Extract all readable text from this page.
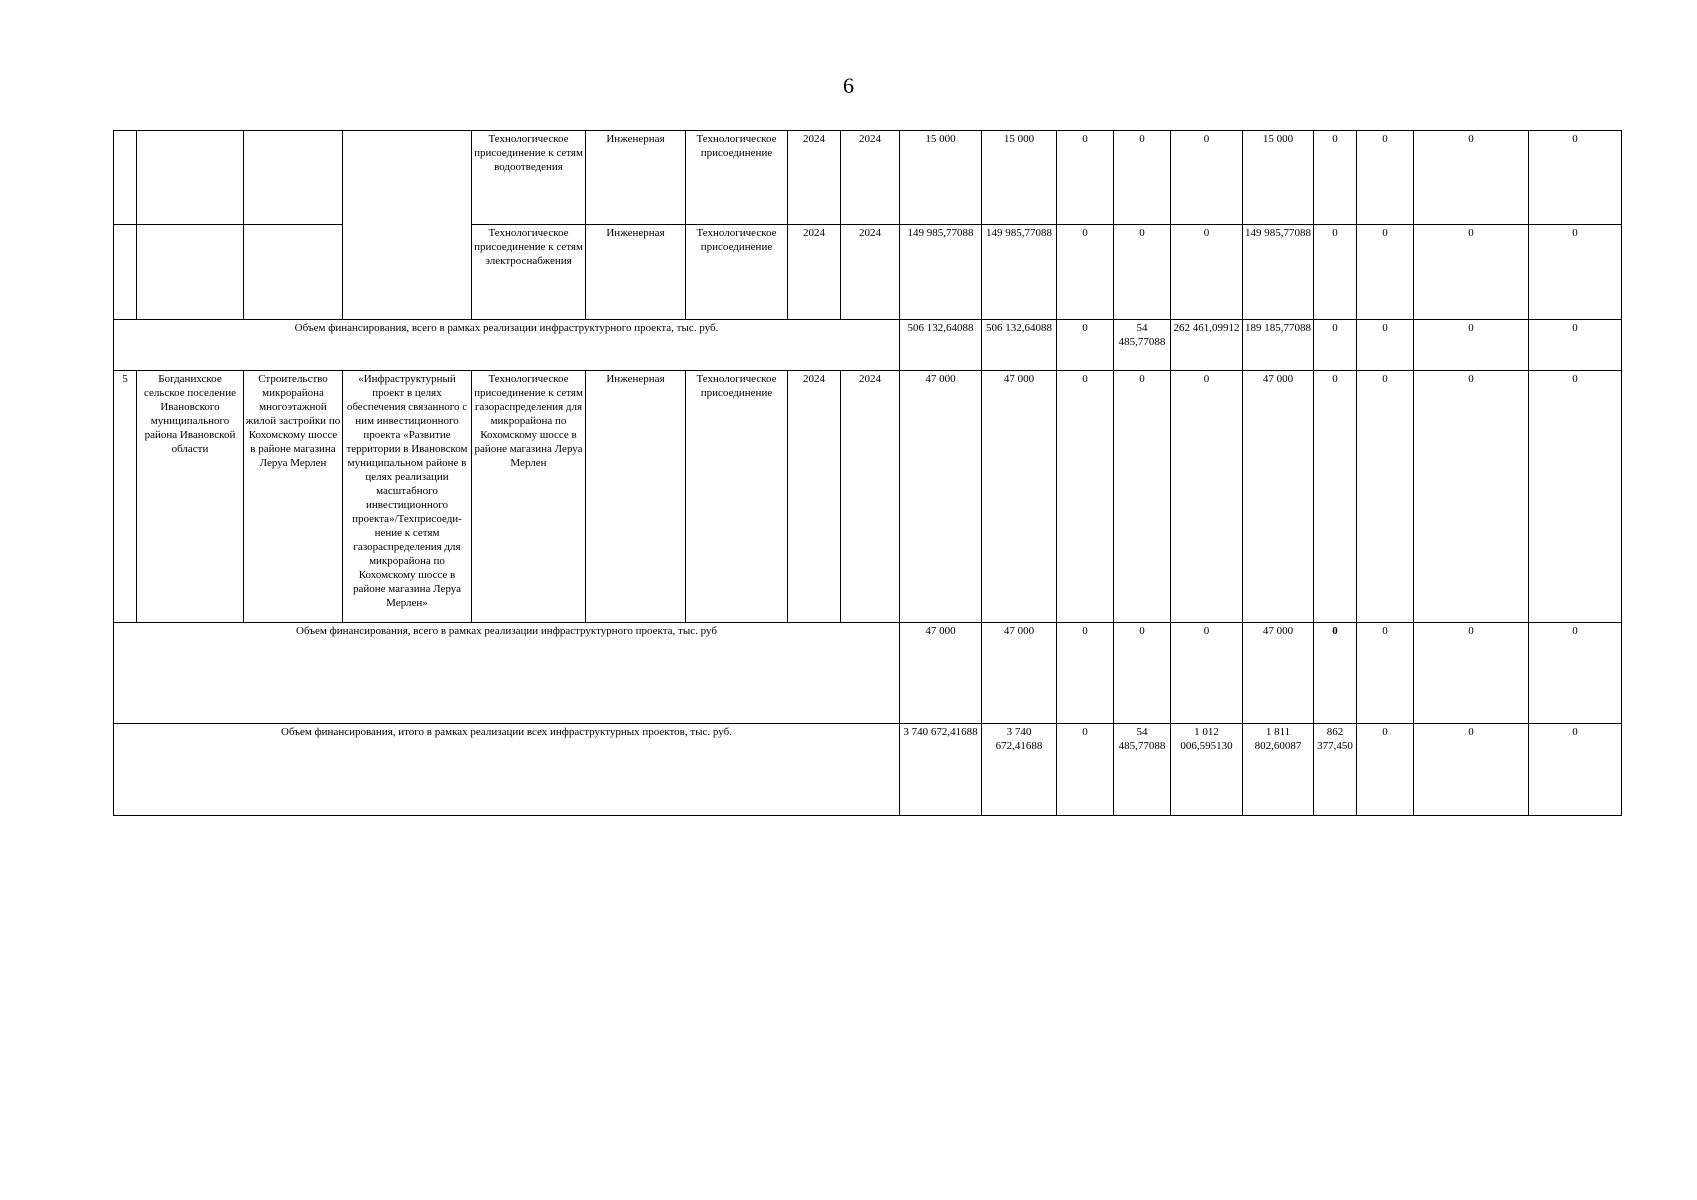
6
				Технологическое присоединение к сетям водоотведения	Инженерная	Технологическое присоединение	2024	2024	15 000	15 000	0	0	0	15 000	0	0	0	0
				Технологическое присоединение к сетям электроснабжения	Инженерная	Технологическое присоединение	2024	2024	149 985,77088	149 985,77088	0	0	0	149 985,77088	0	0	0	0
Объем финансирования, всего в рамках реализации инфраструктурного проекта, тыс. руб.									506 132,64088	506 132,64088	0	54 485,77088	262 461,09912	189 185,77088	0	0	0	0
5	Богданихское сельское поселение Ивановского муниципального района Ивановской области	Строительство микрорайона многоэтажной жилой застройки по Кохомскому шоссе в районе магазина Леруа Мерлен	«Инфраструктурный проект в целях обеспечения связанного с ним инвестиционного проекта «Развитие территории в Ивановском муниципальном районе в целях реализации масштабного инвестиционного проекта»/Техприсоеди-нение к сетям газораспределения для микрорайона по Кохомскому шоссе в районе магазина Леруа Мерлен»	Технологическое присоединение к сетям газораспределения для микрорайона по Кохомскому шоссе в районе магазина Леруа Мерлен	Инженерная	Технологическое присоединение	2024	2024	47 000	47 000	0	0	0	47 000	0	0	0	0
Объем финансирования, всего в рамках реализации инфраструктурного проекта, тыс. руб									47 000	47 000	0	0	0	47 000	0	0	0	0
Объем финансирования, итого в рамках реализации всех инфраструктурных проектов, тыс. руб.									3 740 672,41688	3 740 672,41688	0	54 485,77088	1 012 006,595130	1 811 802,60087	862 377,450	0	0	0
